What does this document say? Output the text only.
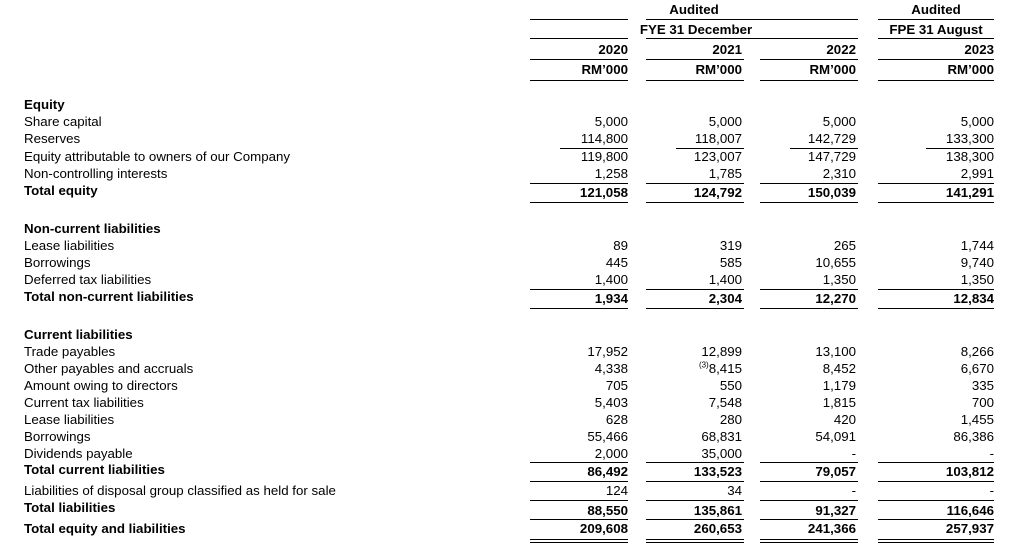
Audited	Audited
FYE 31 December	FPE 31 August
2020	2021	2022	2023
RM’000	RM’000	RM’000	RM’000
Equity
Share capital	5,000	5,000	5,000	5,000
Reserves	114,800	118,007	142,729	133,300
Equity attributable to owners of our Company	119,800	123,007	147,729	138,300
Non-controlling interests	1,258	1,785	2,310	2,991
Total equity	121,058	124,792	150,039	141,291
Non-current liabilities
Lease liabilities	89	319	265	1,744
Borrowings	445	585	10,655	9,740
Deferred tax liabilities	1,400	1,400	1,350	1,350
Total non-current liabilities	1,934	2,304	12,270	12,834
Current liabilities
Trade payables	17,952	12,899	13,100	8,266
Other payables and accruals	4,338	$^{(3)}$8,415	8,452	6,670
Amount owing to directors	705	550	1,179	335
Current tax liabilities	5,403	7,548	1,815	700
Lease liabilities	628	280	420	1,455
Borrowings	55,466	68,831	54,091	86,386
Dividends payable	2,000	35,000	-	-
Total current liabilities	86,492	133,523	79,057	103,812
Liabilities of disposal group classified as held for sale	124	34	-	-
Total liabilities	88,550	135,861	91,327	116,646
Total equity and liabilities	209,608	260,653	241,366	257,937
